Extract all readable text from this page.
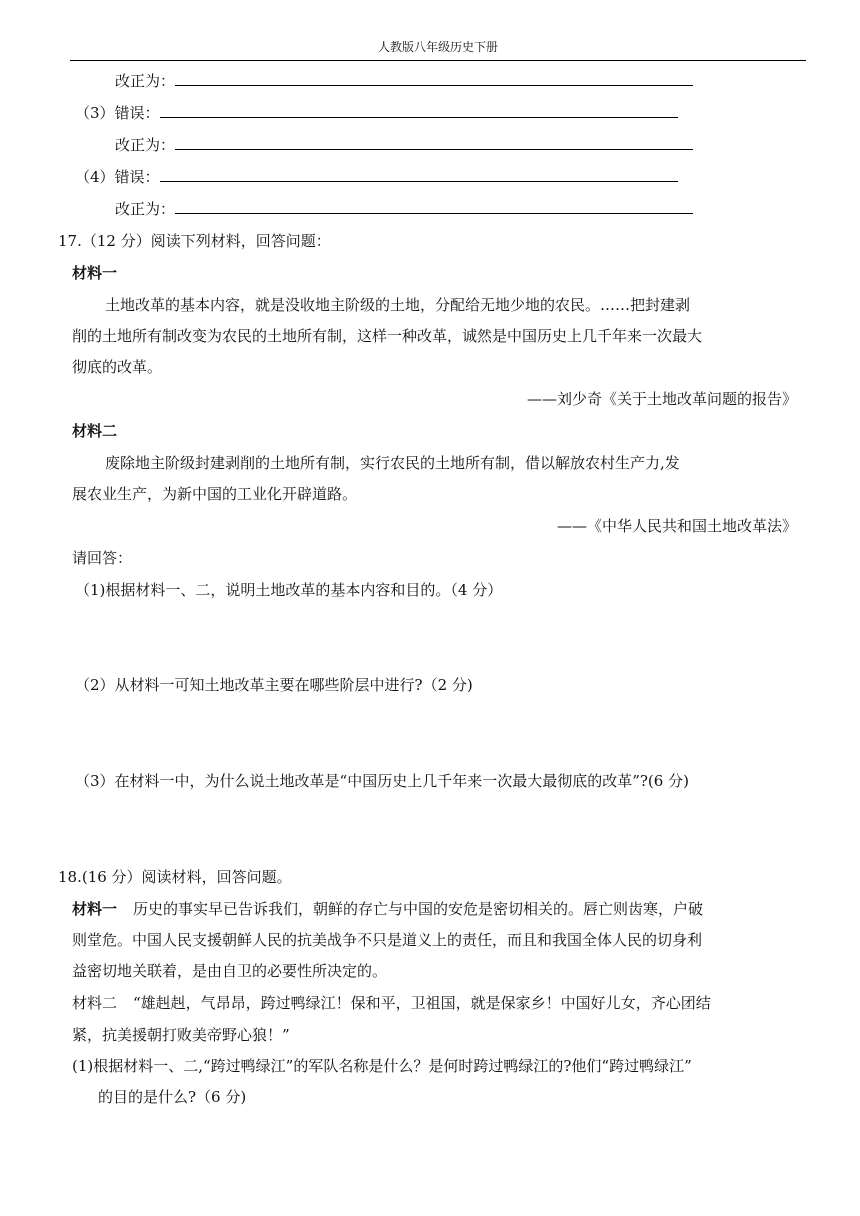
人教版八年级历史下册
改正为：
（3）错误：
改正为：
（4）错误：
改正为：
17.（12 分）阅读下列材料，回答问题：
材料一
土地改革的基本内容，就是没收地主阶级的土地，分配给无地少地的农民。……把封建剥
削的土地所有制改变为农民的土地所有制，这样一种改革，诚然是中国历史上几千年来一次最大
彻底的改革。
——刘少奇《关于土地改革问题的报告》
材料二
废除地主阶级封建剥削的土地所有制，实行农民的土地所有制，借以解放农村生产力,发
展农业生产，为新中国的工业化开辟道路。
——《中华人民共和国土地改革法》
请回答：
（1)根据材料一、二，说明土地改革的基本内容和目的。（4 分）
（2）从材料一可知土地改革主要在哪些阶层中进行?（2 分)
（3）在材料一中，为什么说土地改革是“中国历史上几千年来一次最大最彻底的改革”?(6 分)
18.(16 分）阅读材料，回答问题。
材料一 历史的事实早已告诉我们，朝鲜的存亡与中国的安危是密切相关的。唇亡则齿寒，户破
则堂危。中国人民支援朝鲜人民的抗美战争不只是道义上的责任，而且和我国全体人民的切身利
益密切地关联着，是由自卫的必要性所决定的。
材料二 “雄赳赳，气昂昂，跨过鸭绿江！保和平，卫祖国，就是保家乡！中国好儿女，齐心团结
紧，抗美援朝打败美帝野心狼！”
(1)根据材料一、二,“跨过鸭绿江”的军队名称是什么？是何时跨过鸭绿江的?他们“跨过鸭绿江”
的目的是什么?（6 分)
